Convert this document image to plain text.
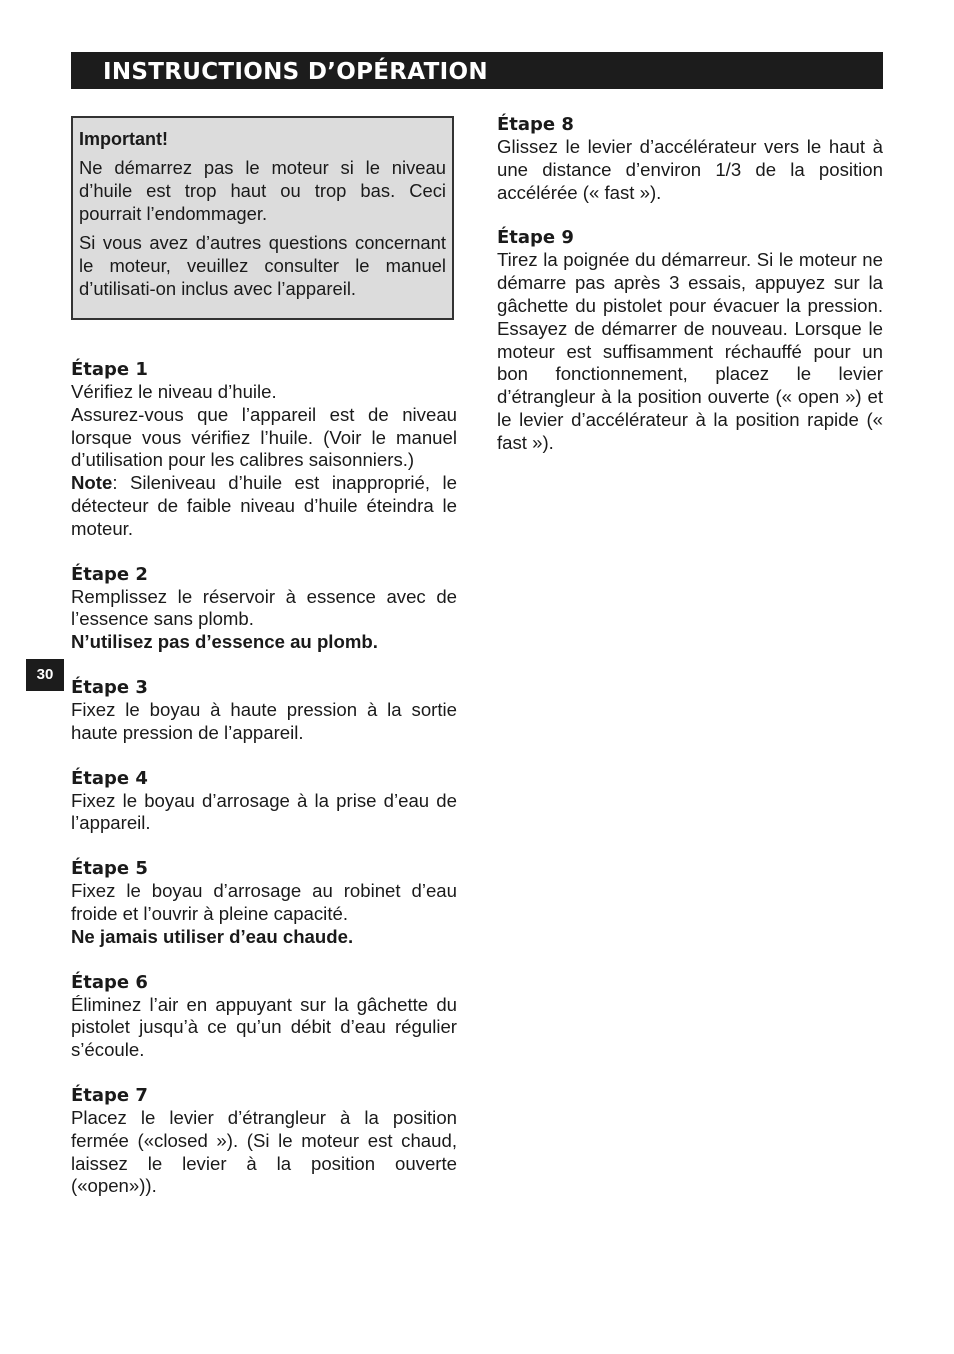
INSTRUCTIONS D’OPÉRATION
30

Important!

Ne démarrez pas le moteur si le niveau d’huile est trop haut ou trop bas. Ceci pourrait l’endommager.

Si vous avez d’autres questions concernant le moteur, veuillez consulter le manuel d’utilisati-on inclus avec l’appareil.

Étape 1

Vérifiez le niveau d’huile.

Assurez-vous que l’appareil est de niveau lorsque vous vérifiez l’huile. (Voir le manuel d’utilisation pour les calibres saisonniers.)

Note: Sileniveau d’huile est inapproprié, le détecteur de faible niveau d’huile éteindra le moteur.

Étape 2

Remplissez le réservoir à essence avec de l’essence sans plomb.

N’utilisez pas d’essence au plomb.

Étape 3

Fixez le boyau à haute pression à la sortie haute pression de l’appareil.

Étape 4

Fixez le boyau d’arrosage à la prise d’eau de l’appareil.

Étape 5

Fixez le boyau d’arrosage au robinet d’eau froide et l’ouvrir à pleine capacité.

Ne jamais utiliser d’eau chaude.

Étape 6

Éliminez l’air en appuyant sur la gâchette du pistolet jusqu’à ce qu’un débit d’eau régulier s’écoule.

Étape 7

Placez le levier d’étrangleur à la position fermée («closed »). (Si le moteur est chaud, laissez le levier à la position ouverte («open»)).

Étape 8

Glissez le levier d’accélérateur vers le haut à une distance d’environ 1/3 de la position accélérée (« fast »).

Étape 9

Tirez la poignée du démarreur. Si le moteur ne démarre pas après 3 essais, appuyez sur la gâchette du pistolet pour évacuer la pression. Essayez de démarrer de nouveau. Lorsque le moteur est suffisamment réchauffé pour un bon fonctionnement, placez le levier d’étrangleur à la position ouverte (« open ») et le levier d’accélérateur à la position rapide (« fast »).
